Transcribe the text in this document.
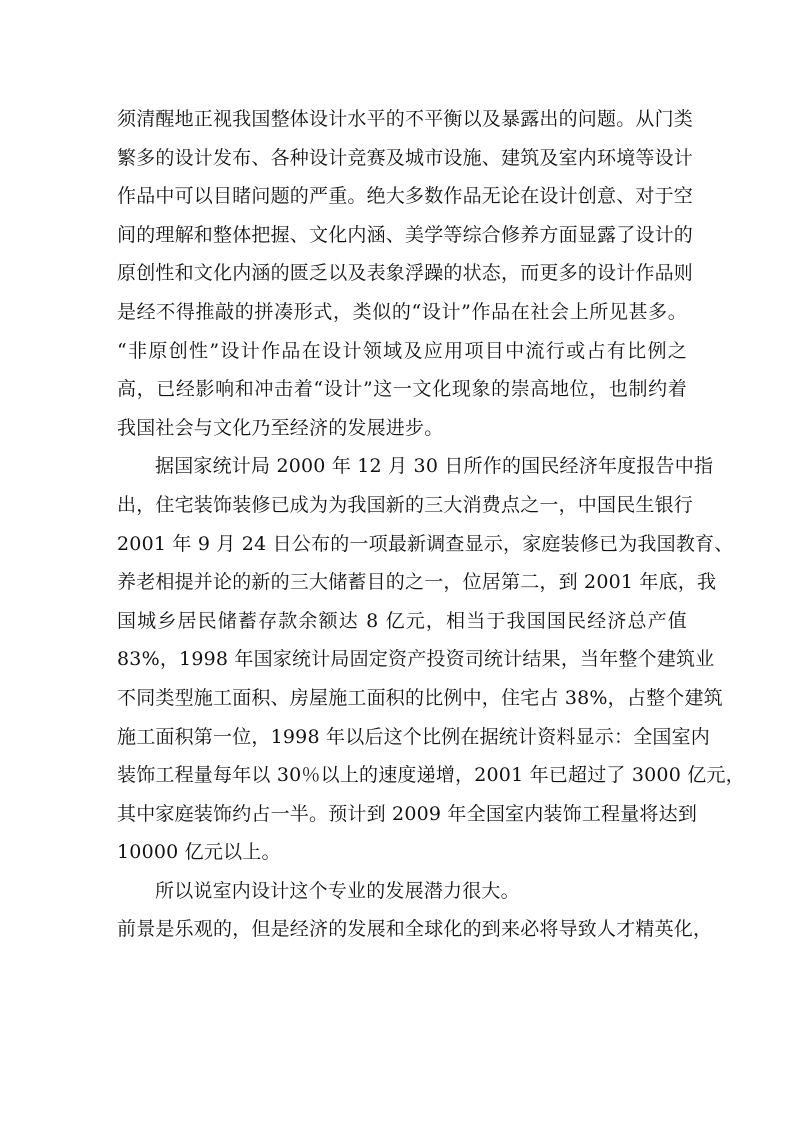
须清醒地正视我国整体设计水平的不平衡以及暴露出的问题。从门类
繁多的设计发布、各种设计竞赛及城市设施、建筑及室内环境等设计
作品中可以目睹问题的严重。绝大多数作品无论在设计创意、对于空
间的理解和整体把握、文化内涵、美学等综合修养方面显露了设计的
原创性和文化内涵的匮乏以及表象浮躁的状态，而更多的设计作品则
是经不得推敲的拼凑形式，类似的“设计”作品在社会上所见甚多。
“非原创性”设计作品在设计领域及应用项目中流行或占有比例之
高，已经影响和冲击着“设计”这一文化现象的崇高地位，也制约着
我国社会与文化乃至经济的发展进步。
据国家统计局 2000 年 12 月 30 日所作的国民经济年度报告中指
出，住宅装饰装修已成为为我国新的三大消费点之一，中国民生银行
2001 年 9 月 24 日公布的一项最新调查显示，家庭装修已为我国教育、
养老相提并论的新的三大储蓄目的之一，位居第二，到 2001 年底，我
国城乡居民储蓄存款余额达 8 亿元，相当于我国国民经济总产值
83%，1998 年国家统计局固定资产投资司统计结果，当年整个建筑业
不同类型施工面积、房屋施工面积的比例中，住宅占 38%，占整个建筑
施工面积第一位，1998 年以后这个比例在据统计资料显示：全国室内
装饰工程量每年以 30％以上的速度递增，2001 年已超过了 3000 亿元，
其中家庭装饰约占一半。预计到 2009 年全国室内装饰工程量将达到
10000 亿元以上。
所以说室内设计这个专业的发展潜力很大。
前景是乐观的，但是经济的发展和全球化的到来必将导致人才精英化，
